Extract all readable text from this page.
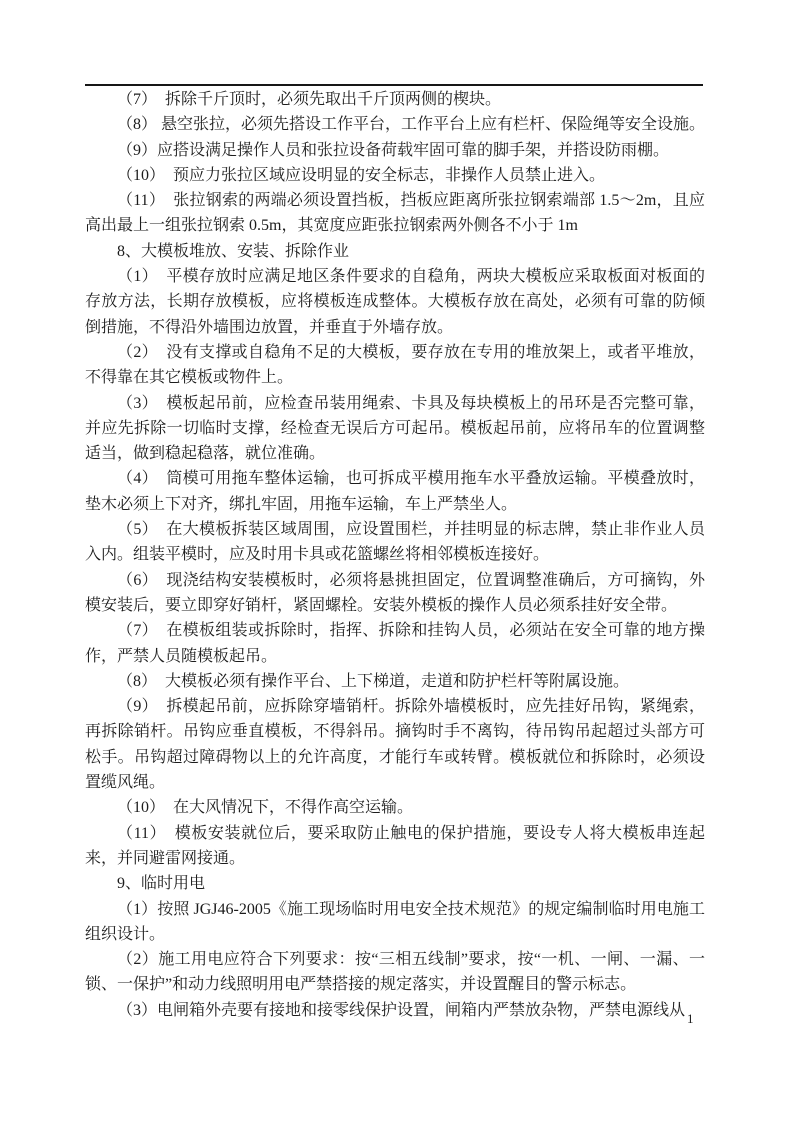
（7）　拆除千斤顶时，必须先取出千斤顶两侧的楔块。

（8） 悬空张拉，必须先搭设工作平台，工作平台上应有栏杆、保险绳等安全设施。

（9）应搭设满足操作人员和张拉设备荷载牢固可靠的脚手架，并搭设防雨棚。

（10）　预应力张拉区域应设明显的安全标志，非操作人员禁止进入。

（11）　张拉钢索的两端必须设置挡板，挡板应距离所张拉钢索端部 1.5～2m，且应高出最上一组张拉钢索 0.5m，其宽度应距张拉钢索两外侧各不小于 1m

8、大模板堆放、安装、拆除作业

（1）　平模存放时应满足地区条件要求的自稳角，两块大模板应采取板面对板面的存放方法，长期存放模板，应将模板连成整体。大模板存放在高处，必须有可靠的防倾倒措施，不得沿外墙围边放置，并垂直于外墙存放。

（2）　没有支撑或自稳角不足的大模板，要存放在专用的堆放架上，或者平堆放，不得靠在其它模板或物件上。

（3）　模板起吊前，应检查吊装用绳索、卡具及每块模板上的吊环是否完整可靠，并应先拆除一切临时支撑，经检查无误后方可起吊。模板起吊前，应将吊车的位置调整适当，做到稳起稳落，就位准确。

（4）　筒模可用拖车整体运输，也可拆成平模用拖车水平叠放运输。平模叠放时，垫木必须上下对齐，绑扎牢固，用拖车运输，车上严禁坐人。

（5）　在大模板拆装区域周围，应设置围栏，并挂明显的标志牌，禁止非作业人员入内。组装平模时，应及时用卡具或花篮螺丝将相邻模板连接好。

（6）　现浇结构安装模板时，必须将悬挑担固定，位置调整准确后，方可摘钩，外模安装后，要立即穿好销杆，紧固螺栓。安装外模板的操作人员必须系挂好安全带。

（7）　在模板组装或拆除时，指挥、拆除和挂钩人员，必须站在安全可靠的地方操作，严禁人员随模板起吊。

（8）　大模板必须有操作平台、上下梯道，走道和防护栏杆等附属设施。

（9）　拆模起吊前，应拆除穿墙销杆。拆除外墙模板时，应先挂好吊钩，紧绳索，再拆除销杆。吊钩应垂直模板，不得斜吊。摘钩时手不离钩，待吊钩吊起超过头部方可松手。吊钩超过障碍物以上的允许高度，才能行车或转臂。模板就位和拆除时，必须设置缆风绳。

（10）　在大风情况下，不得作高空运输。

（11）　模板安装就位后，要采取防止触电的保护措施，要设专人将大模板串连起来，并同避雷网接通。

9、临时用电

（1）按照 JGJ46-2005《施工现场临时用电安全技术规范》的规定编制临时用电施工组织设计。

（2）施工用电应符合下列要求：按“三相五线制”要求，按“一机、一闸、一漏、一锁、一保护”和动力线照明用电严禁搭接的规定落实，并设置醒目的警示标志。

（3）电闸箱外壳要有接地和接零线保护设置，闸箱内严禁放杂物，严禁电源线从 1
